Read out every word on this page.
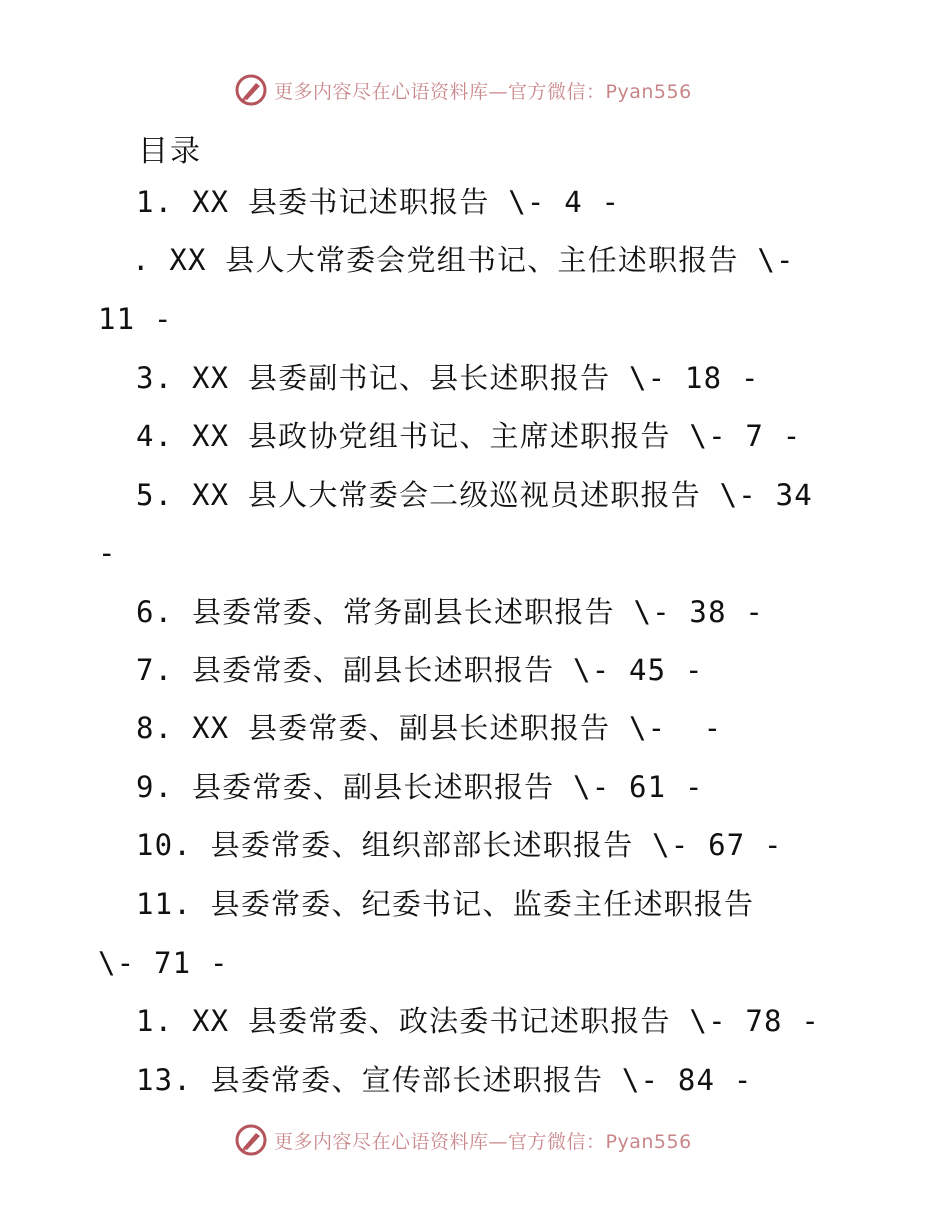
更多内容尽在心语资料库—官方微信：Pyan556
目录
1. XX 县委书记述职报告 \- 4 -
. XX 县人大常委会党组书记、主任述职报告 \-
11 -
3. XX 县委副书记、县长述职报告 \- 18 -
4. XX 县政协党组书记、主席述职报告 \- 7 -
5. XX 县人大常委会二级巡视员述职报告 \- 34
-
6. 县委常委、常务副县长述职报告 \- 38 -
7. 县委常委、副县长述职报告 \- 45 -
8. XX 县委常委、副县长述职报告 \-  -
9. 县委常委、副县长述职报告 \- 61 -
10. 县委常委、组织部部长述职报告 \- 67 -
11. 县委常委、纪委书记、监委主任述职报告
\- 71 -
1. XX 县委常委、政法委书记述职报告 \- 78 -
13. 县委常委、宣传部长述职报告 \- 84 -
更多内容尽在心语资料库—官方微信：Pyan556
